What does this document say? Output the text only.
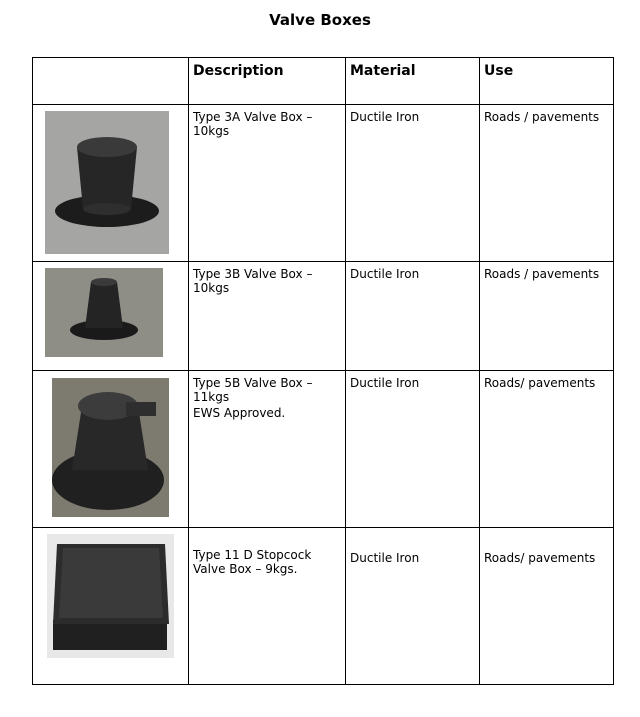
Valve Boxes
	Description	Material	Use

Type 3A Valve Box – 10kgs	Ductile Iron	Roads / pavements

Type 3B Valve Box – 10kgs	Ductile Iron	Roads / pavements

Type 5B Valve Box – 11kgs
EWS Approved.	Ductile Iron	Roads/ pavements

Type 11 D Stopcock Valve Box – 9kgs.	Ductile Iron	Roads/ pavements
